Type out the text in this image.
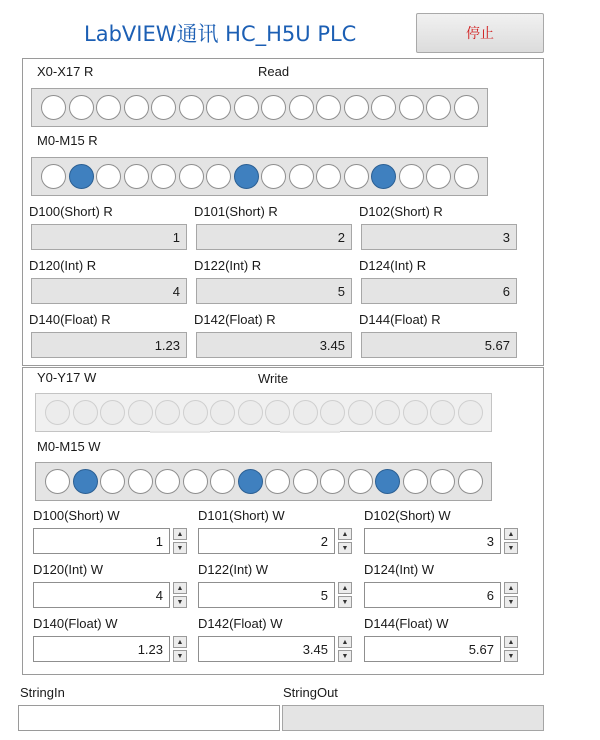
LabVIEW通讯 HC_H5U PLC	停止
X0-X17 R	Read
M0-M15 R
Y0-Y17 W	Write
M0-M15 W
StringIn	StringOut
D100(Short) R
1
D101(Short) R
2
D102(Short) R
3
D120(Int) R
4
D122(Int) R
5
D124(Int) R
6
D140(Float) R
1.23
D142(Float) R
3.45
D144(Float) R
5.67
D100(Short) W
1	▲
▼
D101(Short) W
2	▲
▼
D102(Short) W
3	▲
▼
D120(Int) W
4	▲
▼
D122(Int) W
5	▲
▼
D124(Int) W
6	▲
▼
D140(Float) W
1.23	▲
▼
D142(Float) W
3.45	▲
▼
D144(Float) W
5.67	▲
▼
